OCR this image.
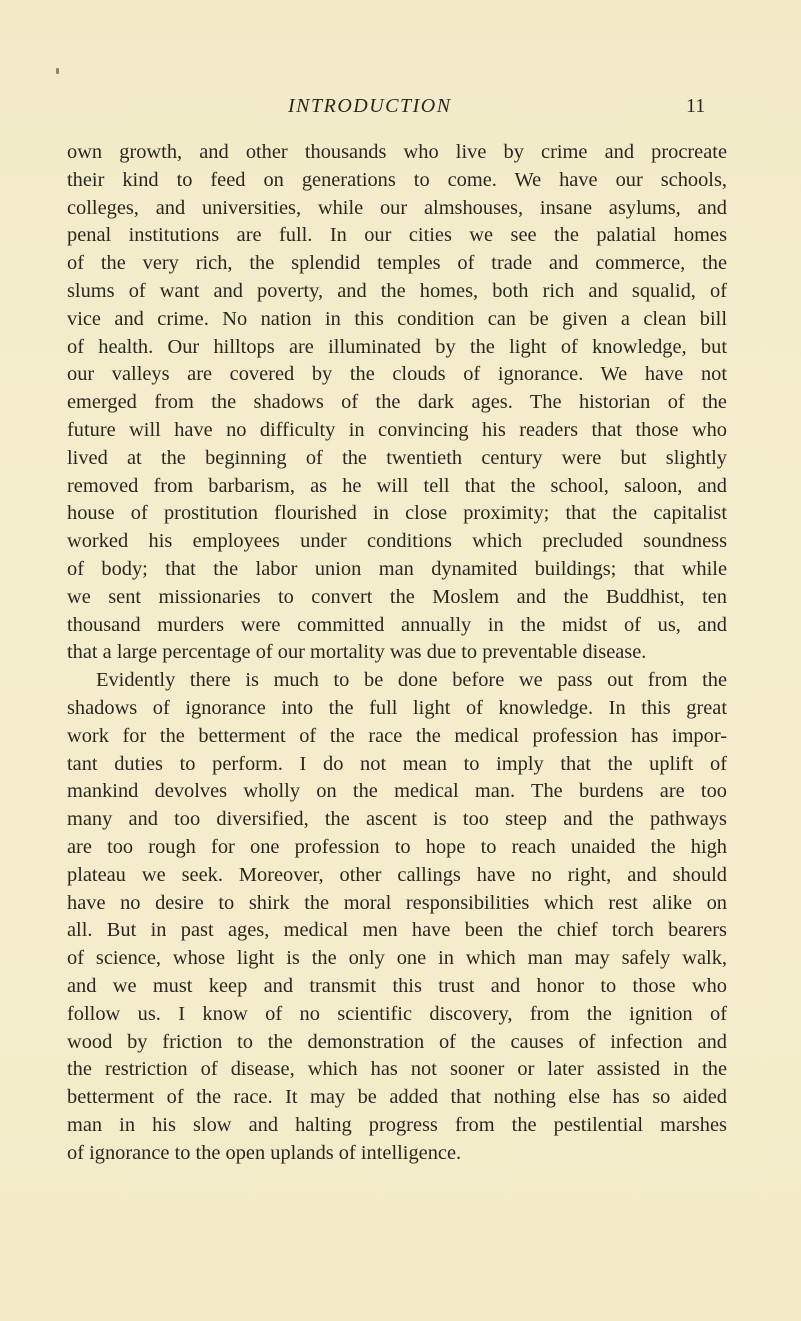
INTRODUCTION	11
own growth, and other thousands who live by crime and procreate
their kind to feed on generations to come. We have our schools,
colleges, and universities, while our almshouses, insane asylums, and
penal institutions are full. In our cities we see the palatial homes
of the very rich, the splendid temples of trade and commerce, the
slums of want and poverty, and the homes, both rich and squalid, of
vice and crime. No nation in this condition can be given a clean bill
of health. Our hilltops are illuminated by the light of knowledge, but
our valleys are covered by the clouds of ignorance. We have not
emerged from the shadows of the dark ages. The historian of the
future will have no difficulty in convincing his readers that those who
lived at the beginning of the twentieth century were but slightly
removed from barbarism, as he will tell that the school, saloon, and
house of prostitution flourished in close proximity; that the capitalist
worked his employees under conditions which precluded soundness
of body; that the labor union man dynamited buildings; that while
we sent missionaries to convert the Moslem and the Buddhist, ten
thousand murders were committed annually in the midst of us, and
that a large percentage of our mortality was due to preventable disease.
Evidently there is much to be done before we pass out from the
shadows of ignorance into the full light of knowledge. In this great
work for the betterment of the race the medical profession has impor-
tant duties to perform. I do not mean to imply that the uplift of
mankind devolves wholly on the medical man. The burdens are too
many and too diversified, the ascent is too steep and the pathways
are too rough for one profession to hope to reach unaided the high
plateau we seek. Moreover, other callings have no right, and should
have no desire to shirk the moral responsibilities which rest alike on
all. But in past ages, medical men have been the chief torch bearers
of science, whose light is the only one in which man may safely walk,
and we must keep and transmit this trust and honor to those who
follow us. I know of no scientific discovery, from the ignition of
wood by friction to the demonstration of the causes of infection and
the restriction of disease, which has not sooner or later assisted in the
betterment of the race. It may be added that nothing else has so aided
man in his slow and halting progress from the pestilential marshes
of ignorance to the open uplands of intelligence.
